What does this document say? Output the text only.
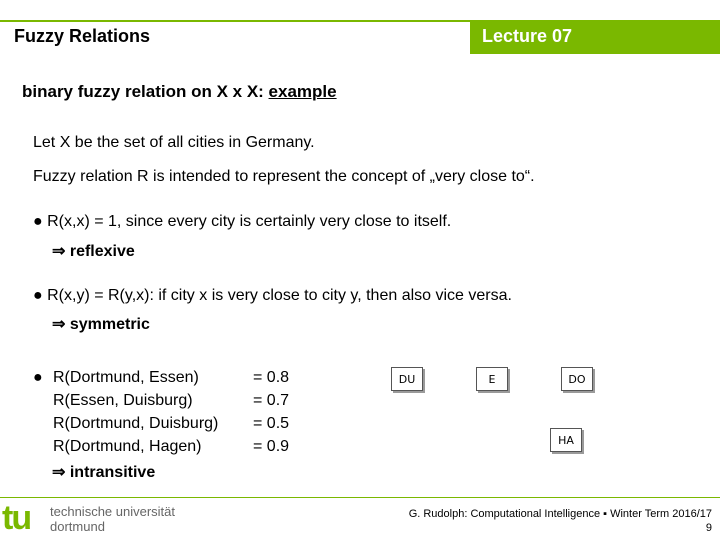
Fuzzy Relations	Lecture 07
binary fuzzy relation on X x X: example
Let X be the set of all cities in Germany.
Fuzzy relation R is intended to represent the concept of „very close to“.
● R(x,x) = 1, since every city is certainly very close to itself.
⇒ reflexive
● R(x,y) = R(y,x): if city x is very close to city y, then also vice versa.
⇒ symmetric
● R(Dortmund, Essen)	= 0.8
R(Essen, Duisburg)	= 0.7
R(Dortmund, Duisburg)	= 0.5
R(Dortmund, Hagen)	= 0.9
⇒ intransitive
DU	E	DO
HA
tu technische universität
dortmund
G. Rudolph: Computational Intelligence ▪ Winter Term 2016/17
9
